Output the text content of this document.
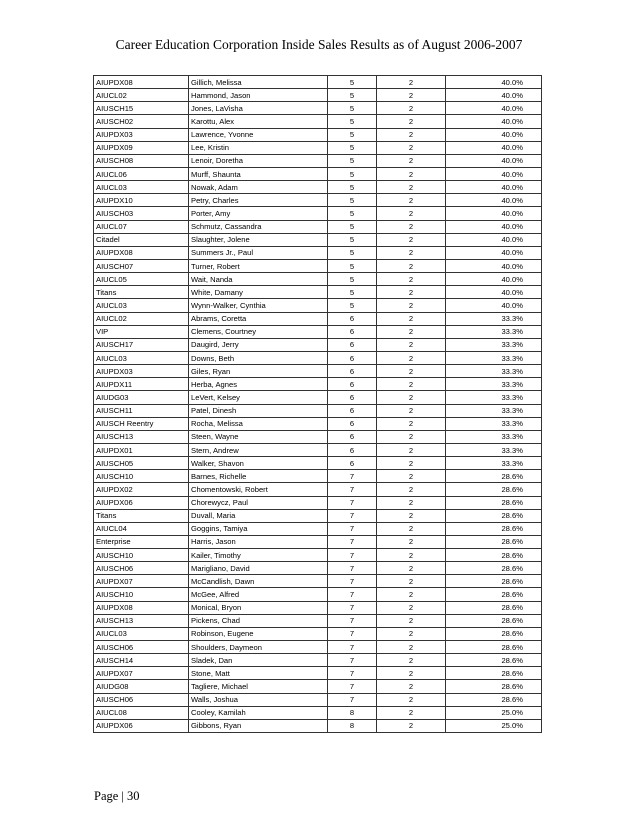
Career Education Corporation Inside Sales Results as of August 2006-2007
AIUPDX08	Gillich, Melissa	5	2	40.0%
AIUCL02	Hammond, Jason	5	2	40.0%
AIUSCH15	Jones, LaVisha	5	2	40.0%
AIUSCH02	Karottu, Alex	5	2	40.0%
AIUPDX03	Lawrence, Yvonne	5	2	40.0%
AIUPDX09	Lee, Kristin	5	2	40.0%
AIUSCH08	Lenoir, Doretha	5	2	40.0%
AIUCL06	Murff, Shaunta	5	2	40.0%
AIUCL03	Nowak, Adam	5	2	40.0%
AIUPDX10	Petry, Charles	5	2	40.0%
AIUSCH03	Porter, Amy	5	2	40.0%
AIUCL07	Schmutz, Cassandra	5	2	40.0%
Citadel	Slaughter, Jolene	5	2	40.0%
AIUPDX08	Summers Jr., Paul	5	2	40.0%
AIUSCH07	Turner, Robert	5	2	40.0%
AIUCL05	Wait, Nanda	5	2	40.0%
Titans	White, Damany	5	2	40.0%
AIUCL03	Wynn-Walker, Cynthia	5	2	40.0%
AIUCL02	Abrams, Coretta	6	2	33.3%
VIP	Clemens, Courtney	6	2	33.3%
AIUSCH17	Daugird, Jerry	6	2	33.3%
AIUCL03	Downs, Beth	6	2	33.3%
AIUPDX03	Giles, Ryan	6	2	33.3%
AIUPDX11	Herba, Agnes	6	2	33.3%
AIUDG03	LeVert, Kelsey	6	2	33.3%
AIUSCH11	Patel, Dinesh	6	2	33.3%
AIUSCH Reentry	Rocha, Melissa	6	2	33.3%
AIUSCH13	Steen, Wayne	6	2	33.3%
AIUPDX01	Stern, Andrew	6	2	33.3%
AIUSCH05	Walker, Shavon	6	2	33.3%
AIUSCH10	Barnes, Richelle	7	2	28.6%
AIUPDX02	Chomentowski, Robert	7	2	28.6%
AIUPDX06	Chorewycz, Paul	7	2	28.6%
Titans	Duvall, Maria	7	2	28.6%
AIUCL04	Goggins, Tamiya	7	2	28.6%
Enterprise	Harris, Jason	7	2	28.6%
AIUSCH10	Kailer, Timothy	7	2	28.6%
AIUSCH06	Marigliano, David	7	2	28.6%
AIUPDX07	McCandlish, Dawn	7	2	28.6%
AIUSCH10	McGee, Alfred	7	2	28.6%
AIUPDX08	Monical, Bryon	7	2	28.6%
AIUSCH13	Pickens, Chad	7	2	28.6%
AIUCL03	Robinson, Eugene	7	2	28.6%
AIUSCH06	Shoulders, Daymeon	7	2	28.6%
AIUSCH14	Sladek, Dan	7	2	28.6%
AIUPDX07	Stone, Matt	7	2	28.6%
AIUDG08	Tagliere, Michael	7	2	28.6%
AIUSCH06	Walls, Joshua	7	2	28.6%
AIUCL08	Cooley, Kamilah	8	2	25.0%
AIUPDX06	Gibbons, Ryan	8	2	25.0%
Page | 30
